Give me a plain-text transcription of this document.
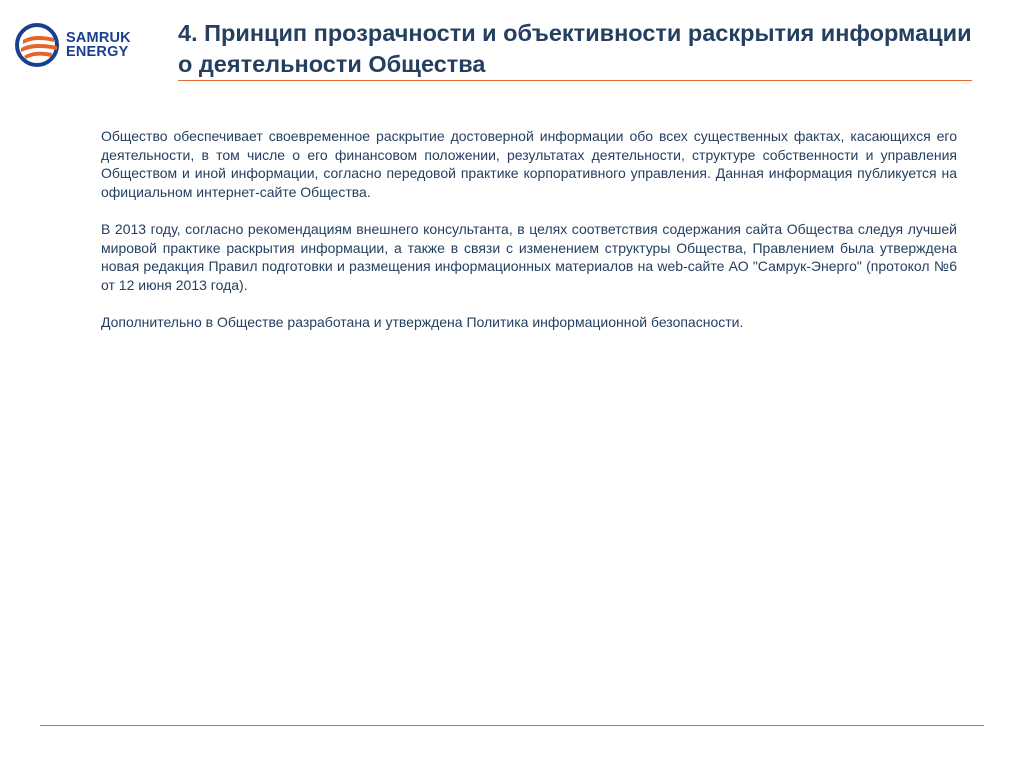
SAMRUK
ENERGY
4. Принцип прозрачности и объективности раскрытия информации о деятельности Общества

Общество обеспечивает своевременное раскрытие достоверной информации обо всех существенных фактах, касающихся его деятельности, в том числе о его финансовом положении, результатах деятельности, структуре собственности и управления Обществом и иной информации, согласно передовой практике корпоративного управления. Данная информация публикуется на официальном интернет-сайте Общества.

В 2013 году, согласно рекомендациям внешнего консультанта, в целях соответствия содержания сайта Общества следуя лучшей мировой практике раскрытия информации, а также в связи с изменением структуры Общества, Правлением была утверждена новая редакция Правил подготовки и размещения информационных материалов на web-сайте АО "Самрук-Энерго" (протокол №6 от 12 июня 2013 года).

Дополнительно в Обществе разработана и утверждена Политика информационной безопасности.
